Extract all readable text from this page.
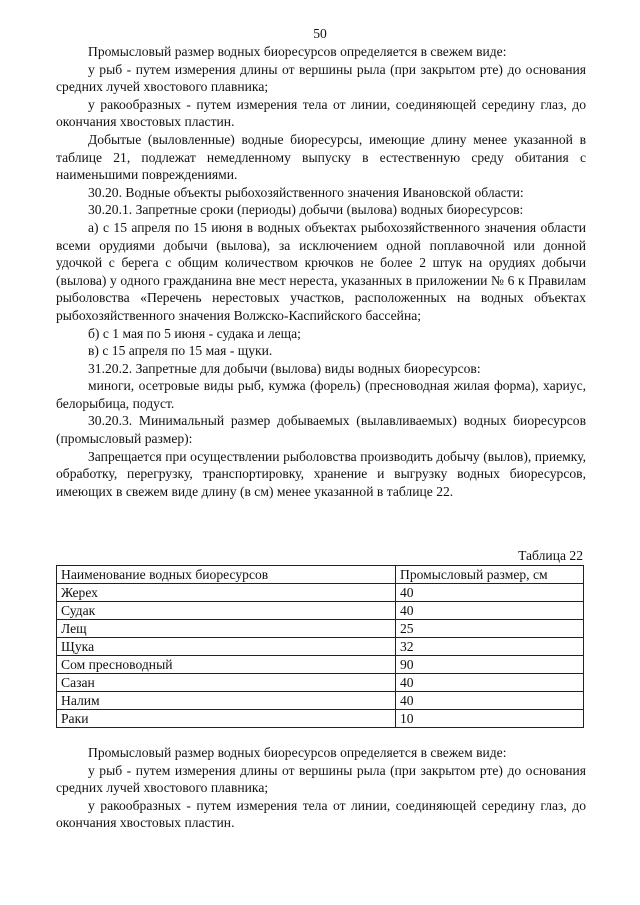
50

Промысловый размер водных биоресурсов определяется в свежем виде:

у рыб - путем измерения длины от вершины рыла (при закрытом рте) до основания средних лучей хвостового плавника;

у ракообразных - путем измерения тела от линии, соединяющей середину глаз, до окончания хвостовых пластин.

Добытые (выловленные) водные биоресурсы, имеющие длину менее указанной в таблице 21, подлежат немедленному выпуску в естественную среду обитания с наименьшими повреждениями.

30.20. Водные объекты рыбохозяйственного значения Ивановской области:

30.20.1. Запретные сроки (периоды) добычи (вылова) водных биоресурсов:

а) с 15 апреля по 15 июня в водных объектах рыбохозяйственного значения области всеми орудиями добычи (вылова), за исключением одной поплавочной или донной удочкой с берега с общим количеством крючков не более 2 штук на орудиях добычи (вылова) у одного гражданина вне мест нереста, указанных в приложении № 6 к Правилам рыболовства «Перечень нерестовых участков, расположенных на водных объектах рыбохозяйственного значения Волжско-Каспийского бассейна;

б) с 1 мая по 5 июня - судака и леща;

в) с 15 апреля по 15 мая - щуки.

31.20.2. Запретные для добычи (вылова) виды водных биоресурсов:

миноги, осетровые виды рыб, кумжа (форель) (пресноводная жилая форма), хариус, белорыбица, подуст.

30.20.3. Минимальный размер добываемых (вылавливаемых) водных биоресурсов (промысловый размер):

Запрещается при осуществлении рыболовства производить добычу (вылов), приемку, обработку, перегрузку, транспортировку, хранение и выгрузку водных биоресурсов, имеющих в свежем виде длину (в см) менее указанной в таблице 22.

Таблица 22
Наименование водных биоресурсов	Промысловый размер, см
Жерех	40
Судак	40
Лещ	25
Щука	32
Сом пресноводный	90
Сазан	40
Налим	40
Раки	10

Промысловый размер водных биоресурсов определяется в свежем виде:

у рыб - путем измерения длины от вершины рыла (при закрытом рте) до основания средних лучей хвостового плавника;

у ракообразных - путем измерения тела от линии, соединяющей середину глаз, до окончания хвостовых пластин.
